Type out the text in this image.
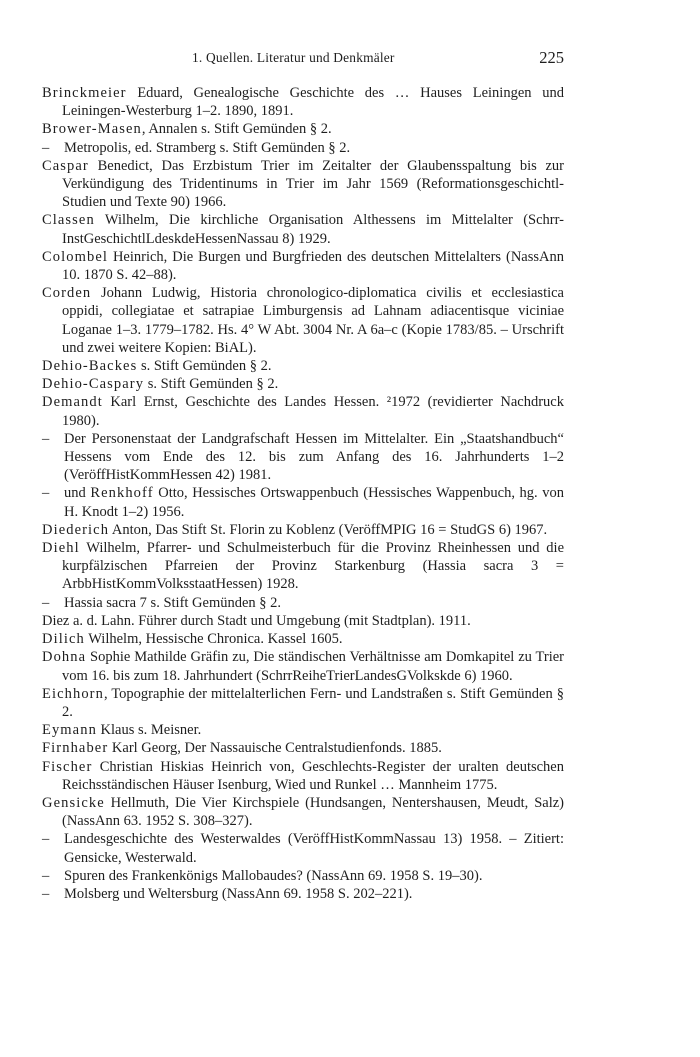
1. Quellen. Literatur und Denkmäler	225
Brinckmeier Eduard, Genealogische Geschichte des … Hauses Leiningen und Leiningen-Westerburg 1–2. 1890, 1891.
Brower-Masen, Annalen s. Stift Gemünden § 2.
– Metropolis, ed. Stramberg s. Stift Gemünden § 2.
Caspar Benedict, Das Erzbistum Trier im Zeitalter der Glaubensspaltung bis zur Verkündigung des Tridentinums in Trier im Jahr 1569 (Reformationsgeschichtl-Studien und Texte 90) 1966.
Classen Wilhelm, Die kirchliche Organisation Althessens im Mittelalter (Schrr-InstGeschichtlLdeskdeHessenNassau 8) 1929.
Colombel Heinrich, Die Burgen und Burgfrieden des deutschen Mittelalters (NassAnn 10. 1870 S. 42–88).
Corden Johann Ludwig, Historia chronologico-diplomatica civilis et ecclesiastica oppidi, collegiatae et satrapiae Limburgensis ad Lahnam adiacentisque viciniae Loganae 1–3. 1779–1782. Hs. 4° W Abt. 3004 Nr. A 6a–c (Kopie 1783/85. – Urschrift und zwei weitere Kopien: BiAL).
Dehio-Backes s. Stift Gemünden § 2.
Dehio-Caspary s. Stift Gemünden § 2.
Demandt Karl Ernst, Geschichte des Landes Hessen. ²1972 (revidierter Nachdruck 1980).
– Der Personenstaat der Landgrafschaft Hessen im Mittelalter. Ein „Staatshandbuch“ Hessens vom Ende des 12. bis zum Anfang des 16. Jahrhunderts 1–2 (VeröffHistKommHessen 42) 1981.
– und Renkhoff Otto, Hessisches Ortswappenbuch (Hessisches Wappenbuch, hg. von H. Knodt 1–2) 1956.
Diederich Anton, Das Stift St. Florin zu Koblenz (VeröffMPIG 16 = StudGS 6) 1967.
Diehl Wilhelm, Pfarrer- und Schulmeisterbuch für die Provinz Rheinhessen und die kurpfälzischen Pfarreien der Provinz Starkenburg (Hassia sacra 3 = ArbbHistKommVolksstaatHessen) 1928.
– Hassia sacra 7 s. Stift Gemünden § 2.
Diez a. d. Lahn. Führer durch Stadt und Umgebung (mit Stadtplan). 1911.
Dilich Wilhelm, Hessische Chronica. Kassel 1605.
Dohna Sophie Mathilde Gräfin zu, Die ständischen Verhältnisse am Domkapitel zu Trier vom 16. bis zum 18. Jahrhundert (SchrrReiheTrierLandesGVolkskde 6) 1960.
Eichhorn, Topographie der mittelalterlichen Fern- und Landstraßen s. Stift Gemünden § 2.
Eymann Klaus s. Meisner.
Firnhaber Karl Georg, Der Nassauische Centralstudienfonds. 1885.
Fischer Christian Hiskias Heinrich von, Geschlechts-Register der uralten deutschen Reichsständischen Häuser Isenburg, Wied und Runkel … Mannheim 1775.
Gensicke Hellmuth, Die Vier Kirchspiele (Hundsangen, Nentershausen, Meudt, Salz) (NassAnn 63. 1952 S. 308–327).
– Landesgeschichte des Westerwaldes (VeröffHistKommNassau 13) 1958. – Zitiert: Gensicke, Westerwald.
– Spuren des Frankenkönigs Mallobaudes? (NassAnn 69. 1958 S. 19–30).
– Molsberg und Weltersburg (NassAnn 69. 1958 S. 202–221).
